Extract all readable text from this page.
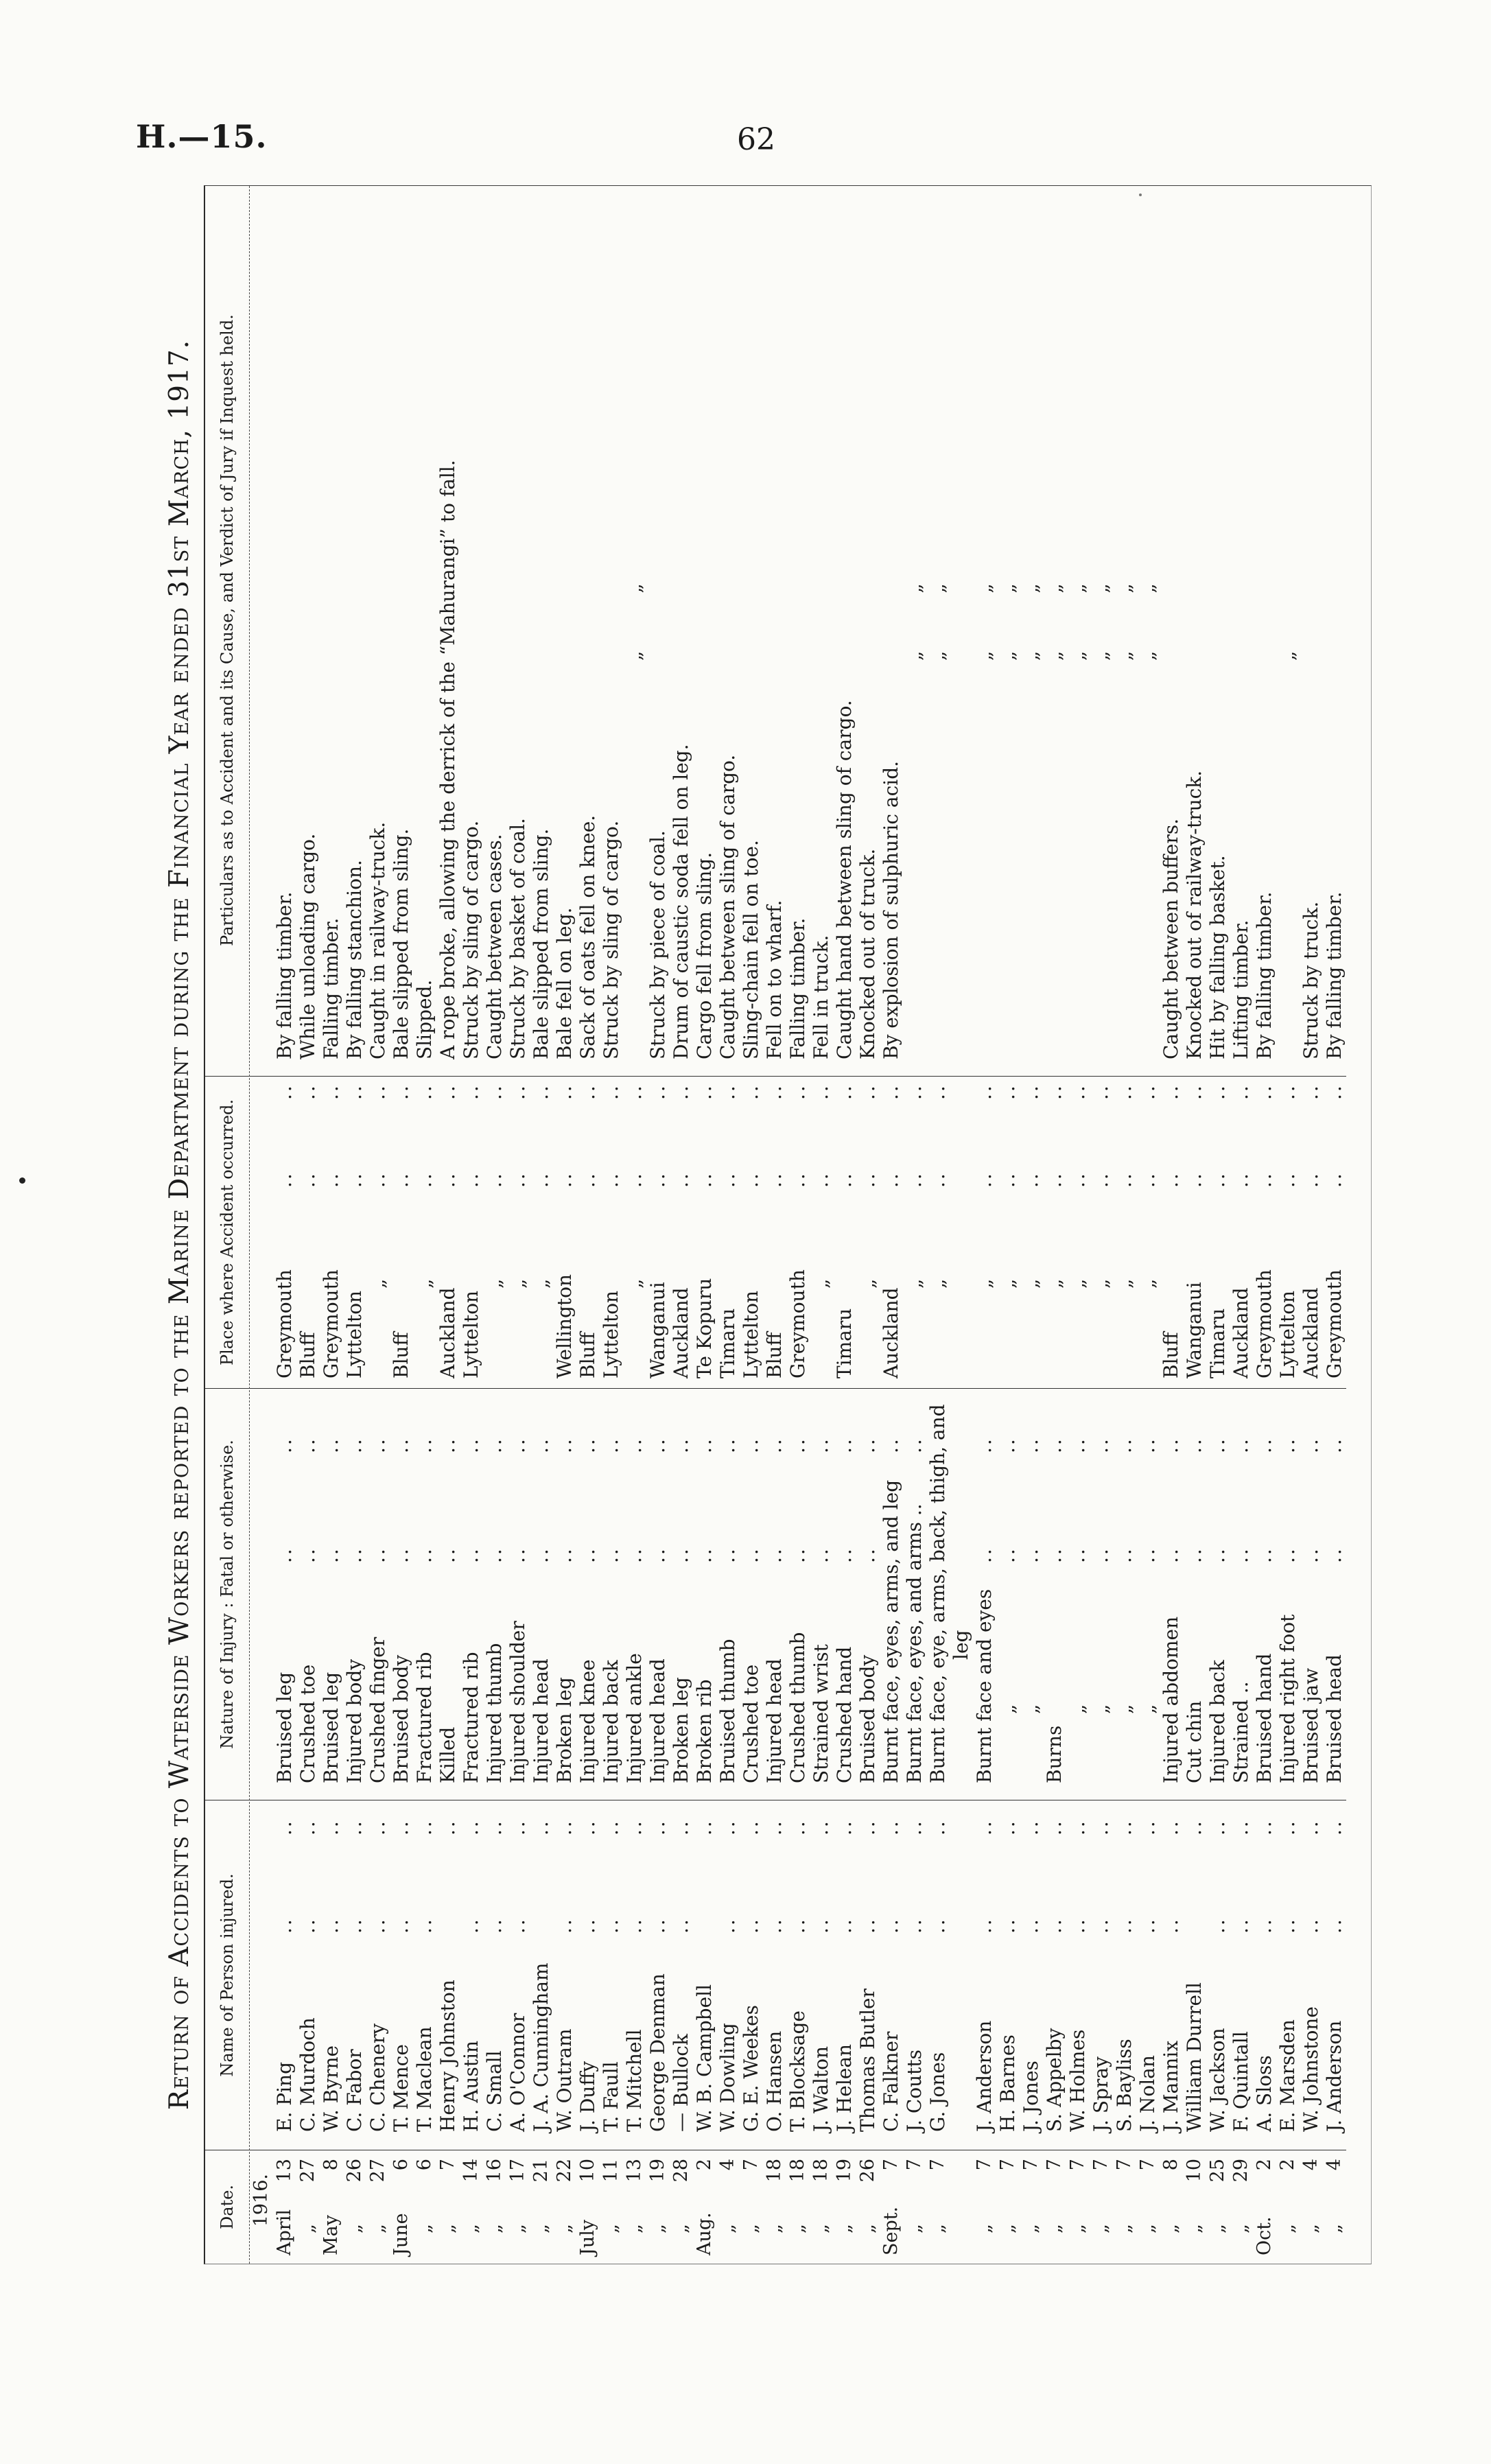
H.—15.	62
Return of Accidents to Waterside Workers reported to the Marine Department during the Financial Year ended 31st March, 1917.
Date.
Name of Person injured.
Nature of Injury : Fatal or otherwise.
Place where Accident occurred.
Particulars as to Accident and its Cause, and Verdict of Jury if Inquest held.
1916.
April
13
E. Ping
..
..
Bruised leg
..
..
Greymouth
..
..
By falling timber.
„
27
C. Murdoch
..
..
Crushed toe
..
..
Bluff
..
..
While unloading cargo.
May
8
W. Byrne
..
..
Bruised leg
..
..
Greymouth
..
..
Falling timber.
„
26
C. Fabor
..
..
Injured body
..
..
Lyttelton
..
..
By falling stanchion.
„
27
C. Chenery
..
..
Crushed finger
..
..
„
..
..
Caught in railway-truck.
June
6
T. Mence
..
..
Bruised body
..
..
Bluff
..
..
Bale slipped from sling.
„
6
T. Maclean
..
..
Fractured rib
..
..
„
..
..
Slipped.
„
7
Henry Johnston
..
Killed
..
..
Auckland
..
..
A rope broke, allowing the derrick of the “Mahurangi” to fall.
„
14
H. Austin
..
..
Fractured rib
..
..
Lyttelton
..
..
Struck by sling of cargo.
„
16
C. Small
..
..
Injured thumb
..
..
„
..
..
Caught between cases.
„
17
A. O'Connor
..
..
Injured shoulder
..
..
„
..
..
Struck by basket of coal.
„
21
J. A. Cunningham
..
Injured head
..
..
„
..
..
Bale slipped from sling.
„
22
W. Outram
..
..
Broken leg
..
..
Wellington
..
..
Bale fell on leg.
July
10
J. Duffy
..
..
Injured knee
..
..
Bluff
..
..
Sack of oats fell on knee.
„
11
T. Faull
..
..
Injured back
..
..
Lyttelton
..
..
Struck by sling of cargo.
„
13
T. Mitchell
..
..
Injured ankle
..
..
„
..
..
„ „
„
19
George Denman
..
..
Injured head
..
..
Wanganui
..
..
Struck by piece of coal.
„
28
— Bullock
..
..
Broken leg
..
..
Auckland
..
..
Drum of caustic soda fell on leg.
Aug.
2
W. B. Campbell
..
Broken rib
..
..
Te Kopuru
..
..
Cargo fell from sling.
„
4
W. Dowling
..
..
Bruised thumb
..
..
Timaru
..
..
Caught between sling of cargo.
„
7
G. E. Weekes
..
..
Crushed toe
..
..
Lyttelton
..
..
Sling-chain fell on toe.
„
18
O. Hansen
..
..
Injured head
..
..
Bluff
..
..
Fell on to wharf.
„
18
T. Blocksage
..
..
Crushed thumb
..
..
Greymouth
..
..
Falling timber.
„
18
J. Walton
..
..
Strained wrist
..
..
„
..
..
Fell in truck.
„
19
J. Helean
..
..
Crushed hand
..
..
Timaru
..
..
Caught hand between sling of cargo.
„
26
Thomas Butler
..
..
Bruised body
..
..
„
..
..
Knocked out of truck.
Sept.
7
C. Falkner
..
..
Burnt face, eyes, arms, and leg
..
Auckland
..
..
By explosion of sulphuric acid.
„
7
J. Coutts
..
..
Burnt face, eyes, and arms ..
..
„
..
..
„ „
„
7
G. Jones
..
..
Burnt face, eye, arms, back, thigh, and leg
„
..
..
„ „
„
7
J. Anderson
..
..
Burnt face and eyes
..
..
„
..
..
„ „
„
7
H. Barnes
..
..
„
..
..
„
..
..
„ „
„
7
J. Jones
..
..
„
..
..
„
..
..
„ „
„
7
S. Appelby
..
..
Burns
..
..
„
..
..
„ „
„
7
W. Holmes
..
..
„
..
..
„
..
..
„ „
„
7
J. Spray
..
..
„
..
..
„
..
..
„ „
„
7
S. Bayliss
..
..
„
..
..
„
..
..
„ „
„
7
J. Nolan
..
..
„
..
..
„
..
..
„ „
„
8
J. Mannix
..
..
Injured abdomen
..
..
Bluff
..
..
Caught between buffers.
„
10
William Durrell
..
Cut chin
..
..
Wanganui
..
..
Knocked out of railway-truck.
„
25
W. Jackson
..
..
Injured back
..
..
Timaru
..
..
Hit by falling basket.
„
29
F. Quintall
..
..
Strained ..
..
..
Auckland
..
..
Lifting timber.
Oct.
2
A. Sloss
..
..
Bruised hand
..
..
Greymouth
..
..
By falling timber.
„
2
E. Marsden
..
..
Injured right foot
..
..
Lyttelton
..
..
„
„
4
W. Johnstone
..
..
Bruised jaw
..
..
Auckland
..
..
Struck by truck.
„
4
J. Anderson
..
..
Bruised head
..
..
Greymouth
..
..
By falling timber.
